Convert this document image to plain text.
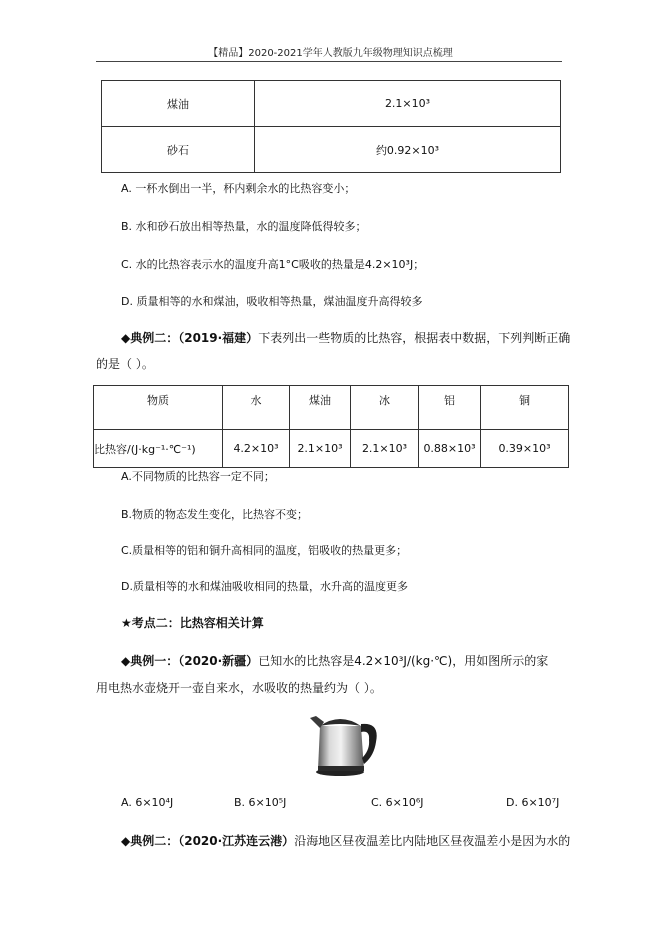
【精品】2020-2021学年人教版九年级物理知识点梳理
煤油	2.1×10³
砂石	约0.92×10³
A. 一杯水倒出一半，杯内剩余水的比热容变小；
B. 水和砂石放出相等热量，水的温度降低得较多；
C. 水的比热容表示水的温度升高1°C吸收的热量是4.2×10³J；
D. 质量相等的水和煤油，吸收相等热量，煤油温度升高得较多
◆典例二：（2019·福建）下表列出一些物质的比热容，根据表中数据，下列判断正确
的是（ ）。
物质	水	煤油	冰	铝	铜
比热容/(J·kg⁻¹·℃⁻¹)	4.2×10³	2.1×10³	2.1×10³	0.88×10³	0.39×10³
A.不同物质的比热容一定不同；
B.物质的物态发生变化，比热容不变；
C.质量相等的铝和铜升高相同的温度，铝吸收的热量更多；
D.质量相等的水和煤油吸收相同的热量，水升高的温度更多
★考点二：比热容相关计算
◆典例一：（2020·新疆）已知水的比热容是4.2×10³J/(kg·℃)，用如图所示的家
用电热水壶烧开一壶自来水，水吸收的热量约为（ ）。
A. 6×10⁴J	B. 6×10⁵J	C. 6×10⁶J	D. 6×10⁷J
◆典例二：（2020·江苏连云港）沿海地区昼夜温差比内陆地区昼夜温差小是因为水的
